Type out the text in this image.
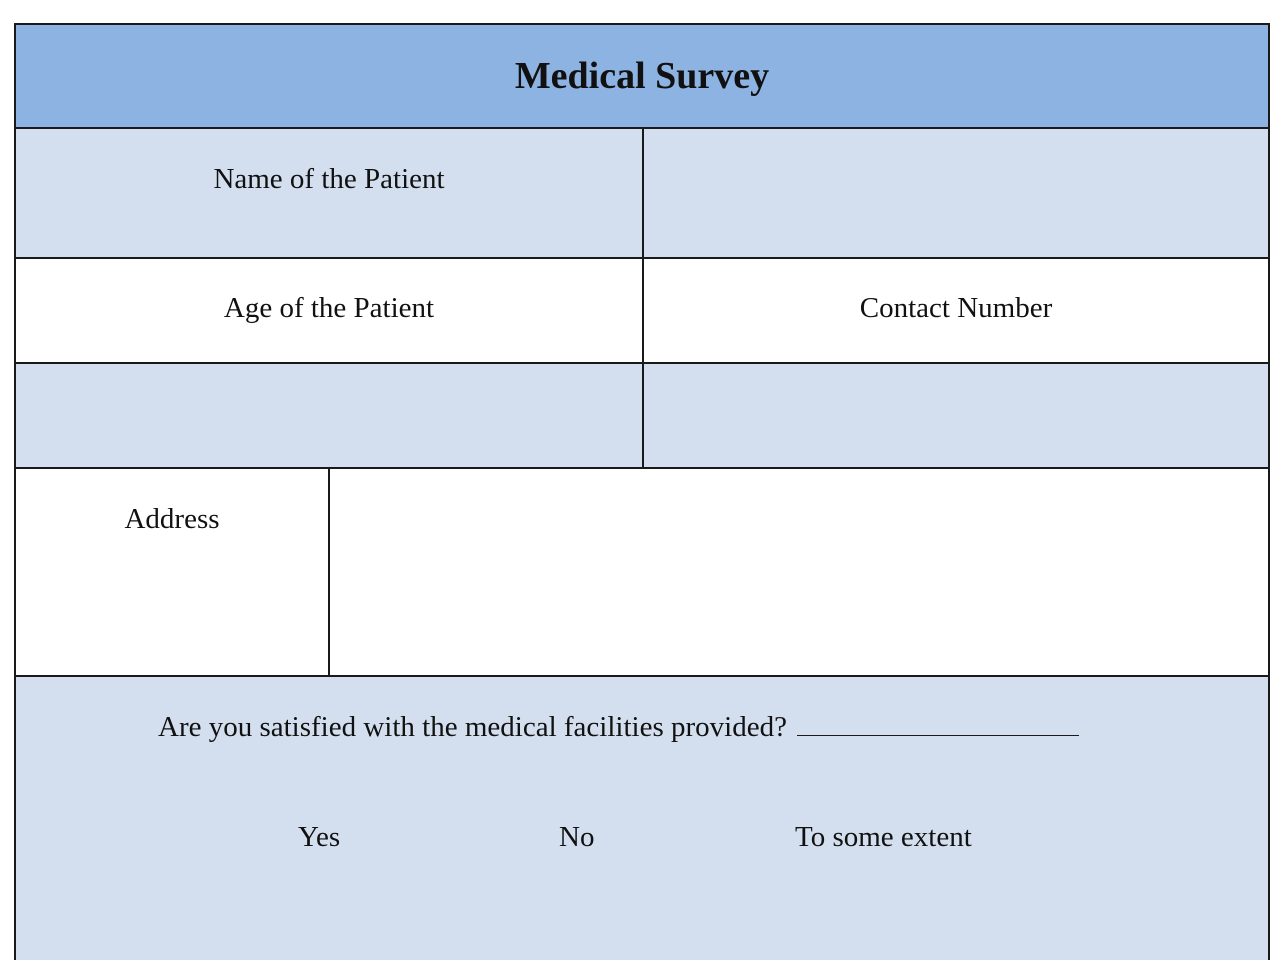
Medical Survey
Name of the Patient
Age of the Patient	Contact Number
Address
Are you satisfied with the medical facilities provided?
Yes	No	To some extent
